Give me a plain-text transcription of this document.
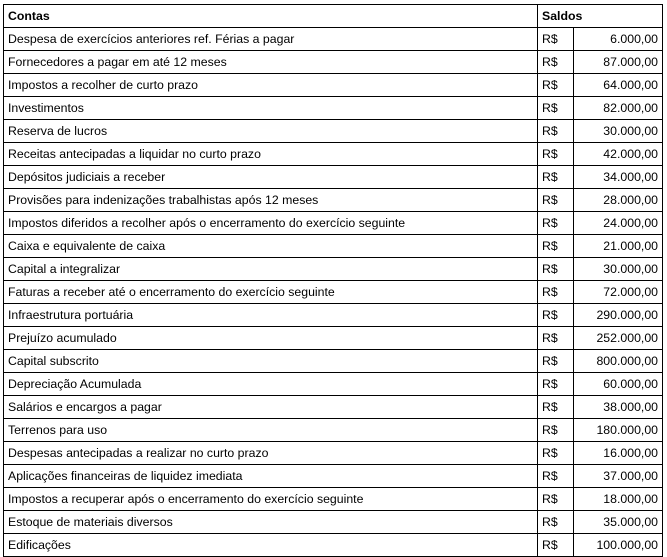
Contas	Saldos	
Despesa de exercícios anteriores ref. Férias a pagar	R$	6.000,00
Fornecedores a pagar em até 12 meses	R$	87.000,00
Impostos a recolher de curto prazo	R$	64.000,00
Investimentos	R$	82.000,00
Reserva de lucros	R$	30.000,00
Receitas antecipadas a liquidar no curto prazo	R$	42.000,00
Depósitos judiciais a receber	R$	34.000,00
Provisões para indenizações trabalhistas após 12 meses	R$	28.000,00
Impostos diferidos a recolher após o encerramento do exercício seguinte	R$	24.000,00
Caixa e equivalente de caixa	R$	21.000,00
Capital a integralizar	R$	30.000,00
Faturas a receber até o encerramento do exercício seguinte	R$	72.000,00
Infraestrutura portuária	R$	290.000,00
Prejuízo acumulado	R$	252.000,00
Capital subscrito	R$	800.000,00
Depreciação Acumulada	R$	60.000,00
Salários e encargos a pagar	R$	38.000,00
Terrenos para uso	R$	180.000,00
Despesas antecipadas a realizar no curto prazo	R$	16.000,00
Aplicações financeiras de liquidez imediata	R$	37.000,00
Impostos a recuperar após o encerramento do exercício seguinte	R$	18.000,00
Estoque de materiais diversos	R$	35.000,00
Edificações	R$	100.000,00
